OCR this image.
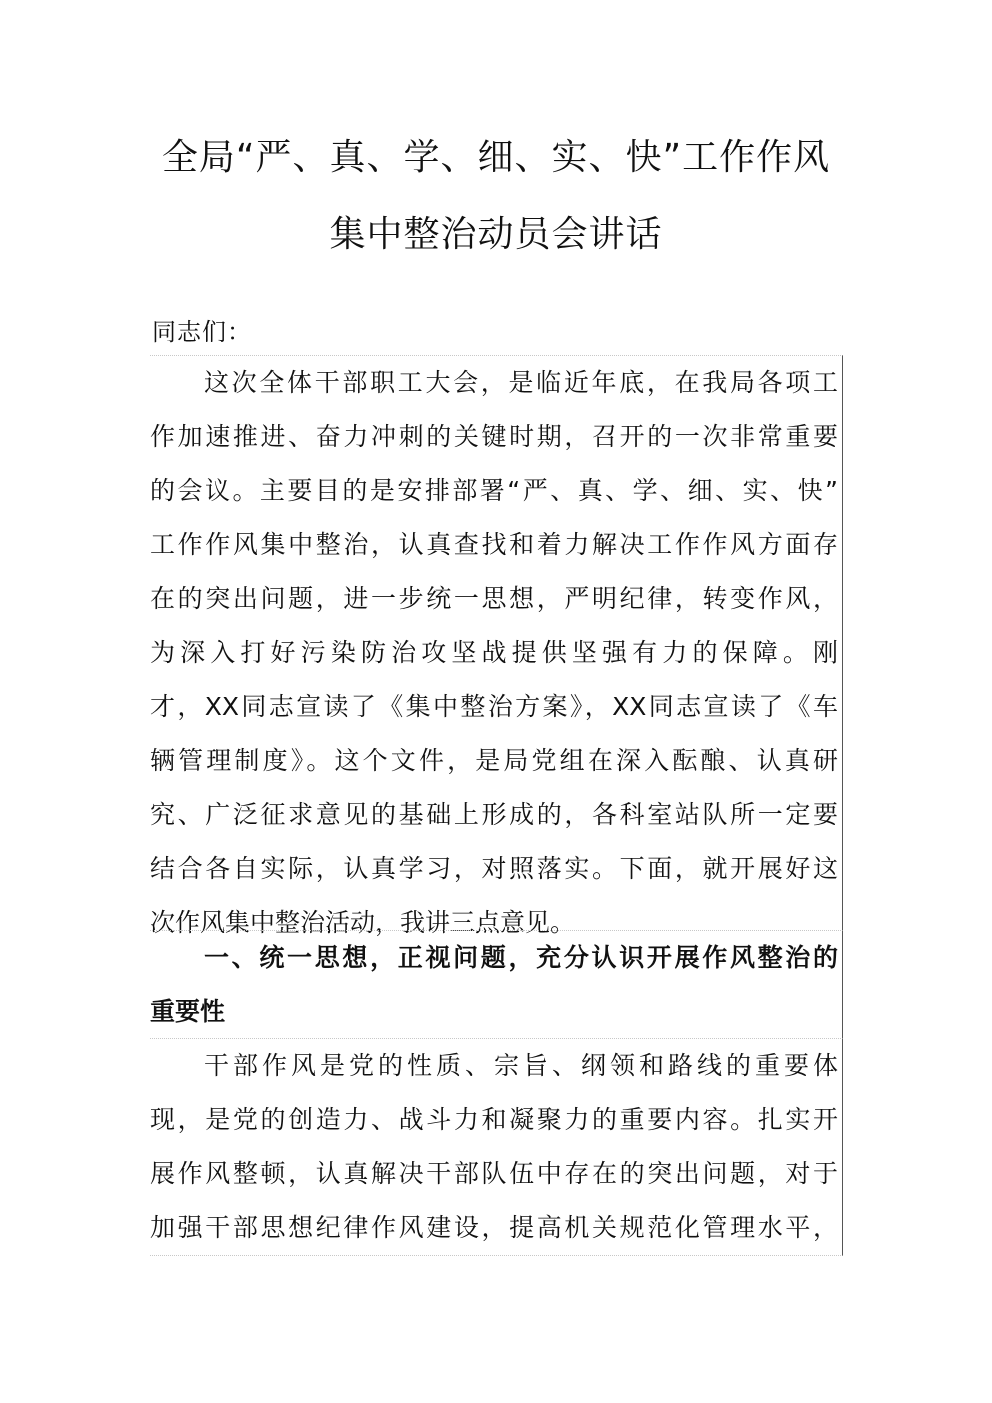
全局“严、真、学、细、实、快”工作作风
集中整治动员会讲话
同志们：
这次全体干部职工大会，是临近年底，在我局各项工
作加速推进、奋力冲刺的关键时期，召开的一次非常重要
的会议。主要目的是安排部署“严、真、学、细、实、快”
工作作风集中整治，认真查找和着力解决工作作风方面存
在的突出问题，进一步统一思想，严明纪律，转变作风，
为深入打好污染防治攻坚战提供坚强有力的保障。刚
才，XX同志宣读了《集中整治方案》，XX同志宣读了《车
辆管理制度》。这个文件，是局党组在深入酝酿、认真研
究、广泛征求意见的基础上形成的，各科室站队所一定要
结合各自实际，认真学习，对照落实。下面，就开展好这
次作风集中整治活动，我讲三点意见。
一、统一思想，正视问题，充分认识开展作风整治的
重要性
干部作风是党的性质、宗旨、纲领和路线的重要体
现，是党的创造力、战斗力和凝聚力的重要内容。扎实开
展作风整顿，认真解决干部队伍中存在的突出问题，对于
加强干部思想纪律作风建设，提高机关规范化管理水平，
